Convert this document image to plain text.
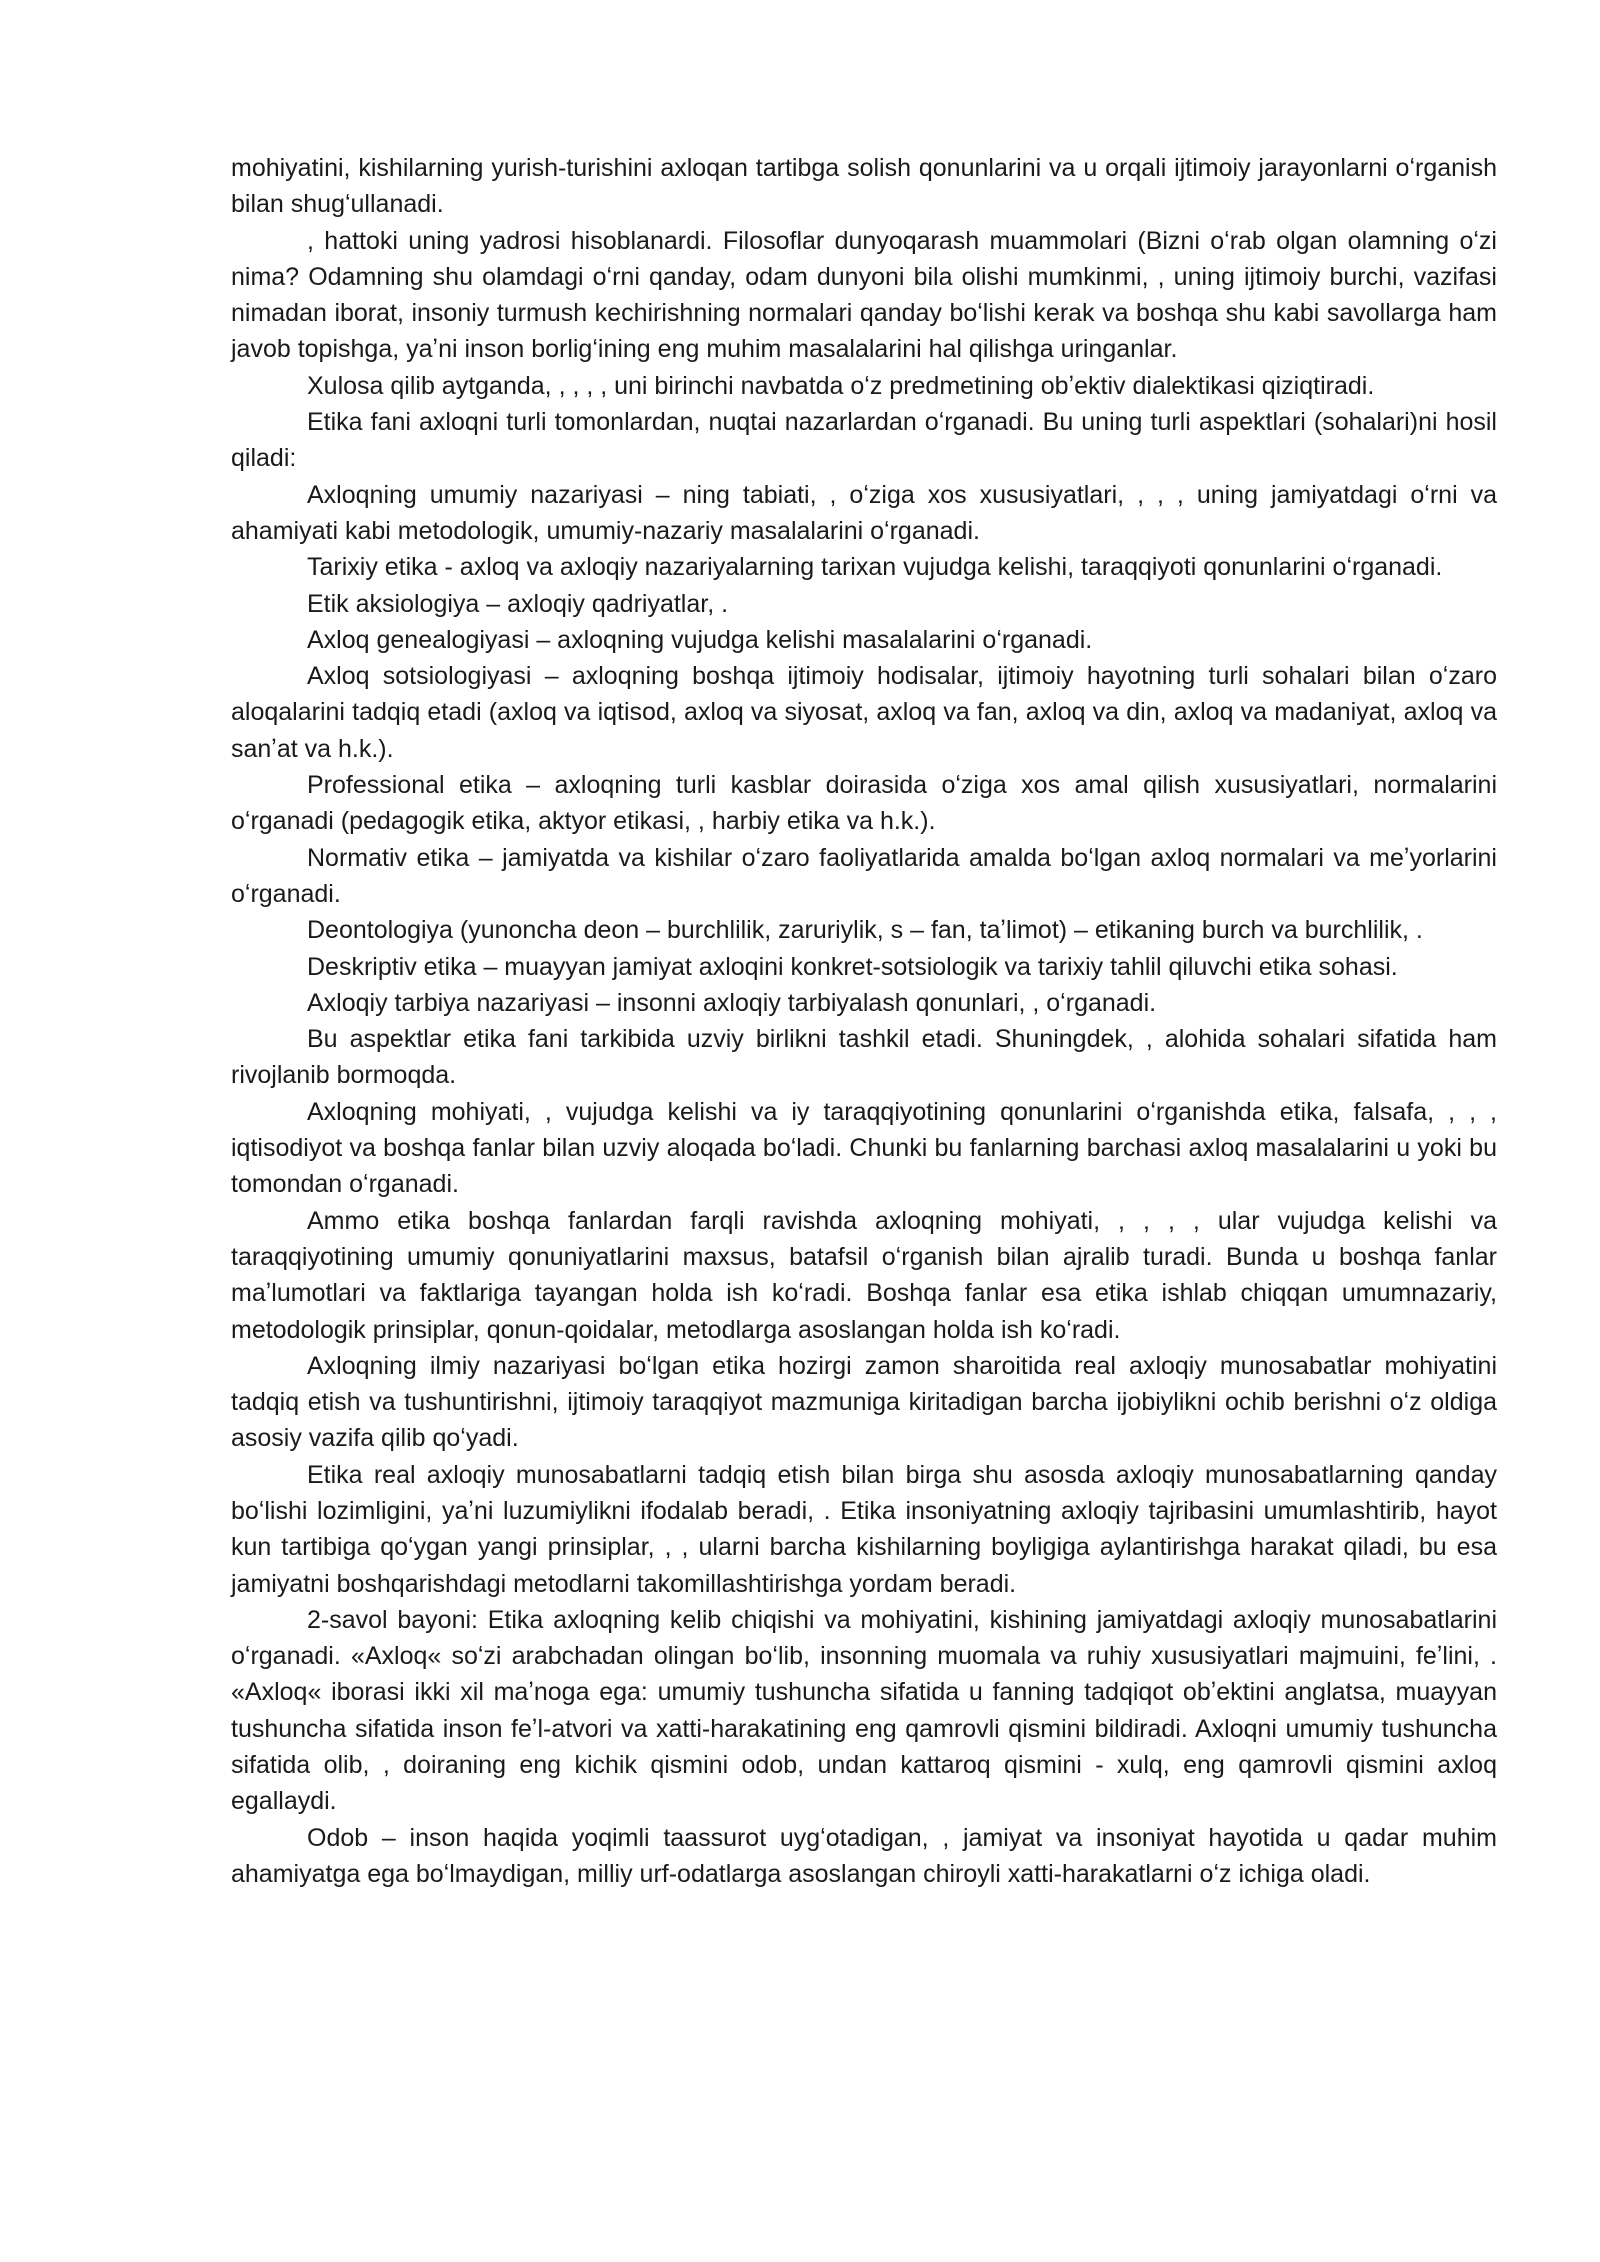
mohiyatini, kishilarning yurish-turishini axloqan tartibga solish qonunlarini va u orqali ijtimoiy jarayonlarni oʻrganish bilan shugʻullanadi.

, hattoki uning yadrosi hisoblanardi. Filosoflar dunyoqarash muammolari (Bizni oʻrab olgan olamning oʻzi nima? Odamning shu olamdagi oʻrni qanday, odam dunyoni bila olishi mumkinmi, , uning ijtimoiy burchi, vazifasi nimadan iborat, insoniy turmush kechirishning normalari qanday boʻlishi kerak va boshqa shu kabi savollarga ham javob topishga, yaʼni inson borligʻining eng muhim masalalarini hal qilishga uringanlar.

Xulosa qilib aytganda, , , , , uni birinchi navbatda oʻz predmetining obʼektiv dialektikasi qiziqtiradi.

Etika fani axloqni turli tomonlardan, nuqtai nazarlardan oʻrganadi. Bu uning turli aspektlari (sohalari)ni hosil qiladi:

Axloqning umumiy nazariyasi – ning tabiati, , oʻziga xos xususiyatlari, , , , uning jamiyatdagi oʻrni va ahamiyati kabi metodologik, umumiy-nazariy masalalarini oʻrganadi.

Tarixiy etika - axloq va axloqiy nazariyalarning tarixan vujudga kelishi, taraqqiyoti qonunlarini oʻrganadi.

Etik aksiologiya – axloqiy qadriyatlar, .

Axloq genealogiyasi – axloqning vujudga kelishi masalalarini oʻrganadi.

Axloq sotsiologiyasi – axloqning boshqa ijtimoiy hodisalar, ijtimoiy hayotning turli sohalari bilan oʻzaro aloqalarini tadqiq etadi (axloq va iqtisod, axloq va siyosat, axloq va fan, axloq va din, axloq va madaniyat, axloq va sanʼat va h.k.).

Professional etika – axloqning turli kasblar doirasida oʻziga xos amal qilish xususiyatlari, normalarini oʻrganadi (pedagogik etika, aktyor etikasi, , harbiy etika va h.k.).

Normativ etika – jamiyatda va kishilar oʻzaro faoliyatlarida amalda boʻlgan axloq normalari va meʼyorlarini oʻrganadi.

Deontologiya (yunoncha deon – burchlilik, zaruriylik, s – fan, taʼlimot) – etikaning burch va burchlilik, .

Deskriptiv etika – muayyan jamiyat axloqini konkret-sotsiologik va tarixiy tahlil qiluvchi etika sohasi.

Axloqiy tarbiya nazariyasi – insonni axloqiy tarbiyalash qonunlari, , oʻrganadi.

Bu aspektlar etika fani tarkibida uzviy birlikni tashkil etadi. Shuningdek, , alohida sohalari sifatida ham rivojlanib bormoqda.

Axloqning mohiyati, , vujudga kelishi va iy taraqqiyotining qonunlarini oʻrganishda etika, falsafa, , , , iqtisodiyot va boshqa fanlar bilan uzviy aloqada boʻladi. Chunki bu fanlarning barchasi axloq masalalarini u yoki bu tomondan oʻrganadi.

Ammo etika boshqa fanlardan farqli ravishda axloqning mohiyati, , , , , ular vujudga kelishi va taraqqiyotining umumiy qonuniyatlarini maxsus, batafsil oʻrganish bilan ajralib turadi. Bunda u boshqa fanlar maʼlumotlari va faktlariga tayangan holda ish koʻradi. Boshqa fanlar esa etika ishlab chiqqan umumnazariy, metodologik prinsiplar, qonun-qoidalar, metodlarga asoslangan holda ish koʻradi.

Axloqning ilmiy nazariyasi boʻlgan etika hozirgi zamon sharoitida real axloqiy munosabatlar mohiyatini tadqiq etish va tushuntirishni, ijtimoiy taraqqiyot mazmuniga kiritadigan barcha ijobiylikni ochib berishni oʻz oldiga asosiy vazifa qilib qoʻyadi.

Etika real axloqiy munosabatlarni tadqiq etish bilan birga shu asosda axloqiy munosabatlarning qanday boʻlishi lozimligini, yaʼni luzumiylikni ifodalab beradi, . Etika insoniyatning axloqiy tajribasini umumlashtirib, hayot kun tartibiga qoʻygan yangi prinsiplar, , , ularni barcha kishilarning boyligiga aylantirishga harakat qiladi, bu esa jamiyatni boshqarishdagi metodlarni takomillashtirishga yordam beradi.

2-savol bayoni: Etika axloqning kelib chiqishi va mohiyatini, kishining jamiyatdagi axloqiy munosabatlarini oʻrganadi. «Axloq« soʻzi arabchadan olingan boʻlib, insonning muomala va ruhiy xususiyatlari majmuini, feʼlini, . «Axloq« iborasi ikki xil maʼnoga ega: umumiy tushuncha sifatida u fanning tadqiqot obʼektini anglatsa, muayyan tushuncha sifatida inson feʼl-atvori va xatti-harakatining eng qamrovli qismini bildiradi. Axloqni umumiy tushuncha sifatida olib, , doiraning eng kichik qismini odob, undan kattaroq qismini - xulq, eng qamrovli qismini axloq egallaydi.

Odob – inson haqida yoqimli taassurot uygʻotadigan, , jamiyat va insoniyat hayotida u qadar muhim ahamiyatga ega boʻlmaydigan, milliy urf-odatlarga asoslangan chiroyli xatti-harakatlarni oʻz ichiga oladi.
